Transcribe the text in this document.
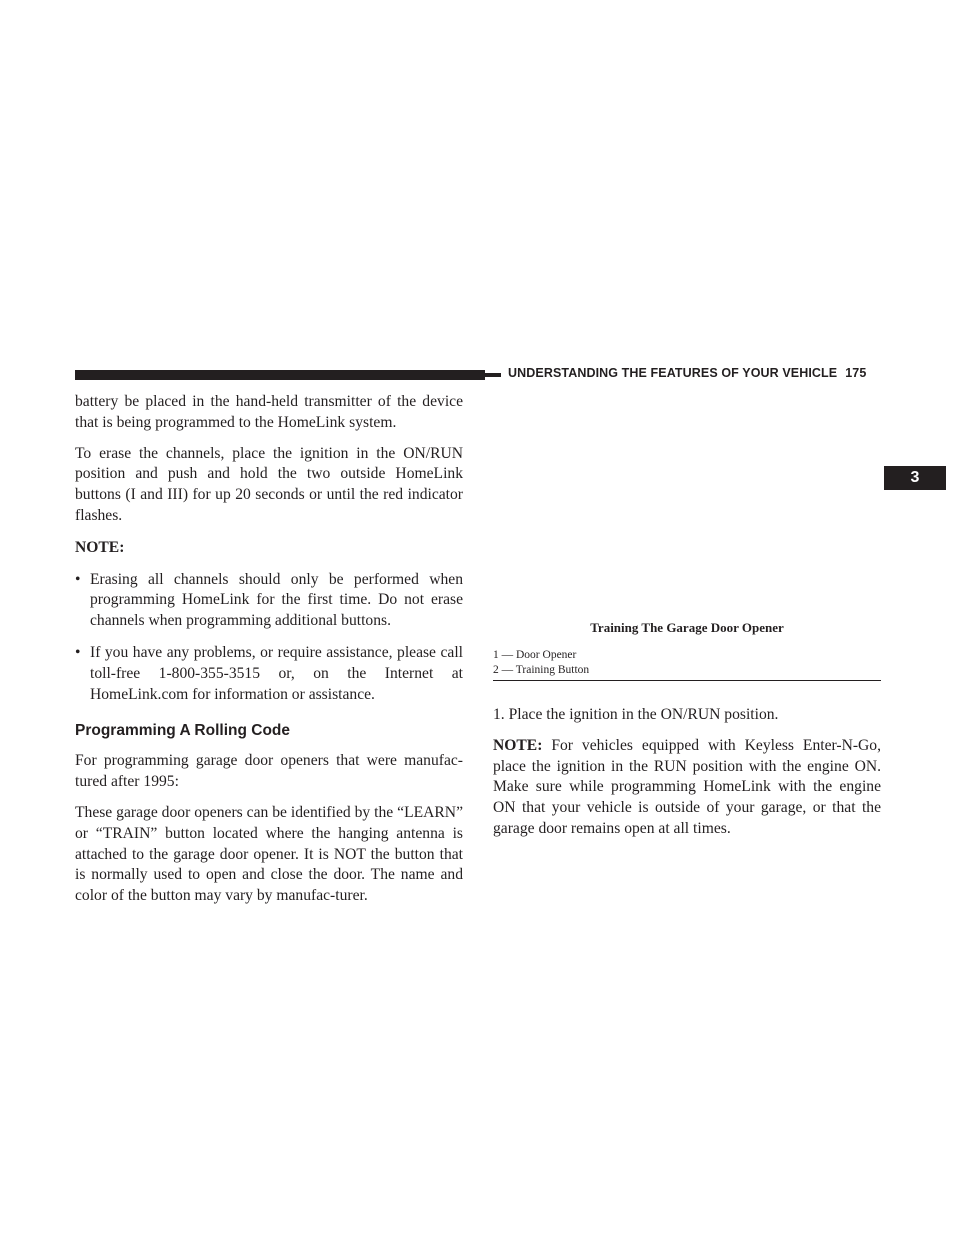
UNDERSTANDING THE FEATURES OF YOUR VEHICLE 175
3

battery be placed in the hand-held transmitter of the device that is being programmed to the HomeLink system.

To erase the channels, place the ignition in the ON/RUN position and push and hold the two outside HomeLink buttons (I and III) for up 20 seconds or until the red indicator flashes.

NOTE:

• Erasing all channels should only be performed when programming HomeLink for the first time. Do not erase channels when programming additional buttons.

• If you have any problems, or require assistance, please call toll-free 1-800-355-3515 or, on the Internet at HomeLink.com for information or assistance.

Programming A Rolling Code

For programming garage door openers that were manufac-tured after 1995:

These garage door openers can be identified by the “LEARN” or “TRAIN” button located where the hanging antenna is attached to the garage door opener. It is NOT the button that is normally used to open and close the door. The name and color of the button may vary by manufac-turer.

Training The Garage Door Opener
1 — Door Opener
2 — Training Button

1. Place the ignition in the ON/RUN position.

NOTE: For vehicles equipped with Keyless Enter-N-Go, place the ignition in the RUN position with the engine ON. Make sure while programming HomeLink with the engine ON that your vehicle is outside of your garage, or that the garage door remains open at all times.
